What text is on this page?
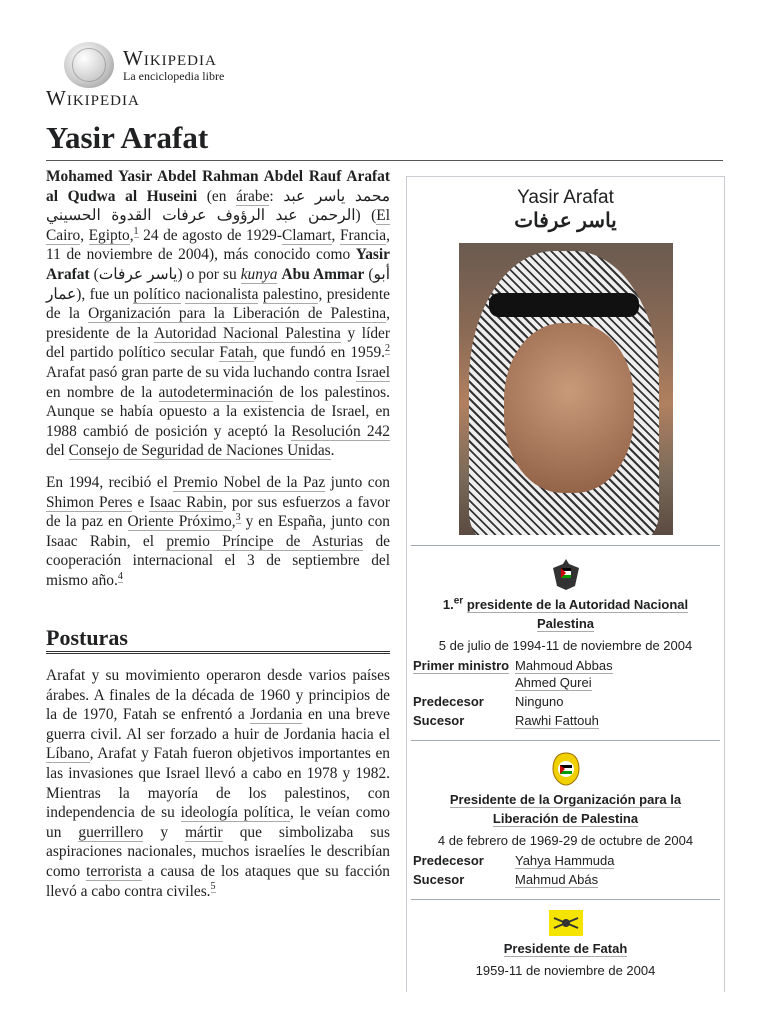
Wikipedia
La enciclopedia libre
Wikipedia
Yasir Arafat

Mohamed Yasir Abdel Rahman Abdel Rauf Arafat al Qudwa al Huseini (en árabe: محمد ياسر عبد الرحمن عبد الرؤوف عرفات القدوة الحسيني) (El Cairo, Egipto,$^1$ 24 de agosto de 1929-Clamart, Francia, 11 de noviembre de 2004), más conocido como Yasir Arafat (ياسر عرفات) o por su kunya Abu Ammar (أبو عمار), fue un político nacionalista palestino, presidente de la Organización para la Liberación de Palestina, presidente de la Autoridad Nacional Palestina y líder del partido político secular Fatah, que fundó en 1959.$^2$ Arafat pasó gran parte de su vida luchando contra Israel en nombre de la autodeterminación de los palestinos. Aunque se había opuesto a la existencia de Israel, en 1988 cambió de posición y aceptó la Resolución 242 del Consejo de Seguridad de Naciones Unidas.

En 1994, recibió el Premio Nobel de la Paz junto con Shimon Peres e Isaac Rabin, por sus esfuerzos a favor de la paz en Oriente Próximo,$^3$ y en España, junto con Isaac Rabin, el premio Príncipe de Asturias de cooperación internacional el 3 de septiembre del mismo año.$^4$

Posturas

Arafat y su movimiento operaron desde varios países árabes. A finales de la década de 1960 y principios de la de 1970, Fatah se enfrentó a Jordania en una breve guerra civil. Al ser forzado a huir de Jordania hacia el Líbano, Arafat y Fatah fueron objetivos importantes en las invasiones que Israel llevó a cabo en 1978 y 1982. Mientras la mayoría de los palestinos, con independencia de su ideología política, le veían como un guerrillero y mártir que simbolizaba sus aspiraciones nacionales, muchos israelíes le describían como terrorista a causa de los ataques que su facción llevó a cabo contra civiles.$^5$

Yasir Arafat
ياسر عرفات
1.$^{er}$ presidente de la Autoridad Nacional Palestina
5 de julio de 1994-11 de noviembre de 2004
Primer ministro	Mahmoud Abbas
Ahmed Qurei
Predecesor	Ninguno
Sucesor	Rawhi Fattouh
Presidente de la Organización para la Liberación de Palestina
4 de febrero de 1969-29 de octubre de 2004
Predecesor	Yahya Hammuda
Sucesor	Mahmud Abás
Presidente de Fatah
1959-11 de noviembre de 2004
